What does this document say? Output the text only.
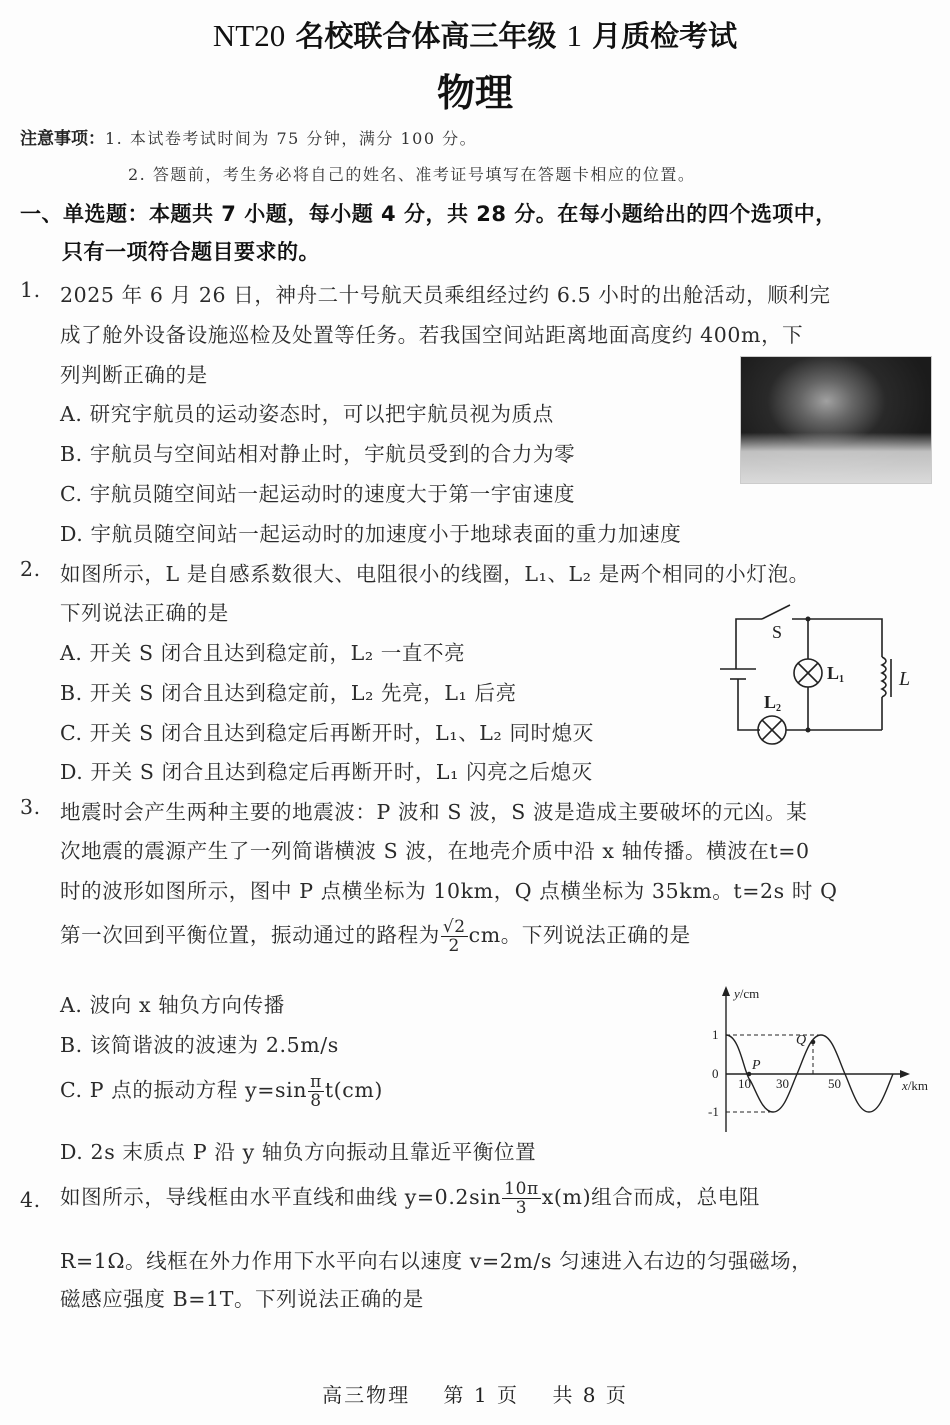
NT20 名校联合体高三年级 1 月质检考试
物理
注意事项：1. 本试卷考试时间为 75 分钟，满分 100 分。
2. 答题前，考生务必将自己的姓名、准考证号填写在答题卡相应的位置。
一、单选题：本题共 7 小题，每小题 4 分，共 28 分。在每小题给出的四个选项中，
只有一项符合题目要求的。
1. 2025 年 6 月 26 日，神舟二十号航天员乘组经过约 6.5 小时的出舱活动，顺利完
成了舱外设备设施巡检及处置等任务。若我国空间站距离地面高度约 400m，下
列判断正确的是
A. 研究宇航员的运动姿态时，可以把宇航员视为质点
B. 宇航员与空间站相对静止时，宇航员受到的合力为零
C. 宇航员随空间站一起运动时的速度大于第一宇宙速度
D. 宇航员随空间站一起运动时的加速度小于地球表面的重力加速度
2. 如图所示，L 是自感系数很大、电阻很小的线圈，L₁、L₂ 是两个相同的小灯泡。
下列说法正确的是
A. 开关 S 闭合且达到稳定前，L₂ 一直不亮
B. 开关 S 闭合且达到稳定前，L₂ 先亮，L₁ 后亮
C. 开关 S 闭合且达到稳定后再断开时，L₁、L₂ 同时熄灭
D. 开关 S 闭合且达到稳定后再断开时，L₁ 闪亮之后熄灭
S
L1
L2
L
3. 地震时会产生两种主要的地震波：P 波和 S 波，S 波是造成主要破坏的元凶。某
次地震的震源产生了一列简谐横波 S 波，在地壳介质中沿 x 轴传播。横波在t=0
时的波形如图所示，图中 P 点横坐标为 10km，Q 点横坐标为 35km。t=2s 时 Q
第一次回到平衡位置，振动通过的路程为 $\frac{√2}{2}$ cm。下列说法正确的是
A. 波向 x 轴负方向传播
B. 该简谐波的波速为 2.5m/s
C. P 点的振动方程 $y=\sin \frac{\pi}{8} t(cm)$
D. 2s 末质点 P 沿 y 轴负方向振动且靠近平衡位置
y/cm
x/km
1
0
-1
10 30	50
P
Q
4. 如图所示，导线框由水平直线和曲线 $y=0.2\sin \frac{10\pi}{3} x(m)$组合而成，总电阻
R=1Ω。线框在外力作用下水平向右以速度 v=2m/s 匀速进入右边的匀强磁场，
磁感应强度 B=1T。下列说法正确的是
高三物理 第 1 页 共 8 页
